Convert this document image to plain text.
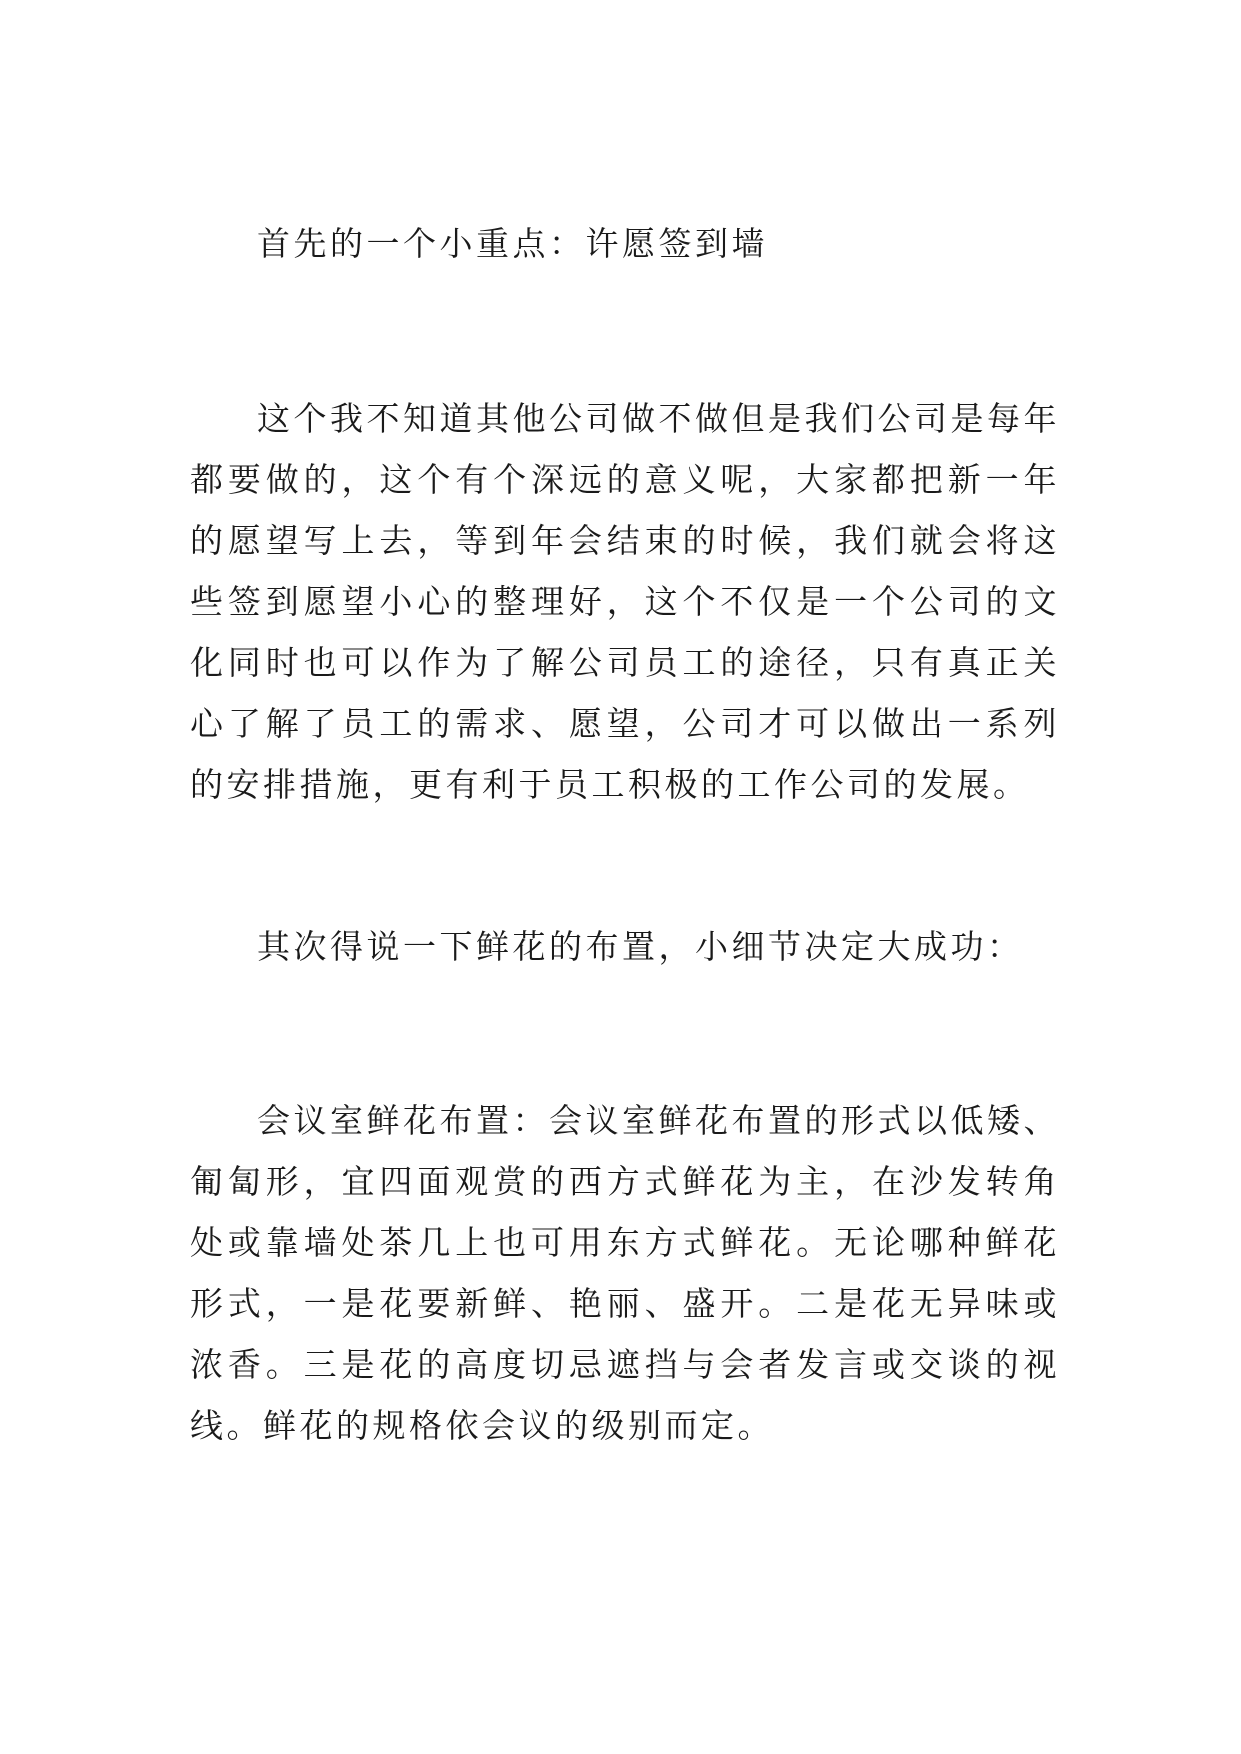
首先的一个小重点：许愿签到墙

这个我不知道其他公司做不做但是我们公司是每年都要做的，这个有个深远的意义呢，大家都把新一年的愿望写上去，等到年会结束的时候，我们就会将这些签到愿望小心的整理好，这个不仅是一个公司的文化同时也可以作为了解公司员工的途径，只有真正关心了解了员工的需求、愿望，公司才可以做出一系列的安排措施，更有利于员工积极的工作公司的发展。

其次得说一下鲜花的布置，小细节决定大成功：

会议室鲜花布置：会议室鲜花布置的形式以低矮、匍匐形，宜四面观赏的西方式鲜花为主，在沙发转角处或靠墙处茶几上也可用东方式鲜花。无论哪种鲜花形式，一是花要新鲜、艳丽、盛开。二是花无异味或浓香。三是花的高度切忌遮挡与会者发言或交谈的视线。鲜花的规格依会议的级别而定。
